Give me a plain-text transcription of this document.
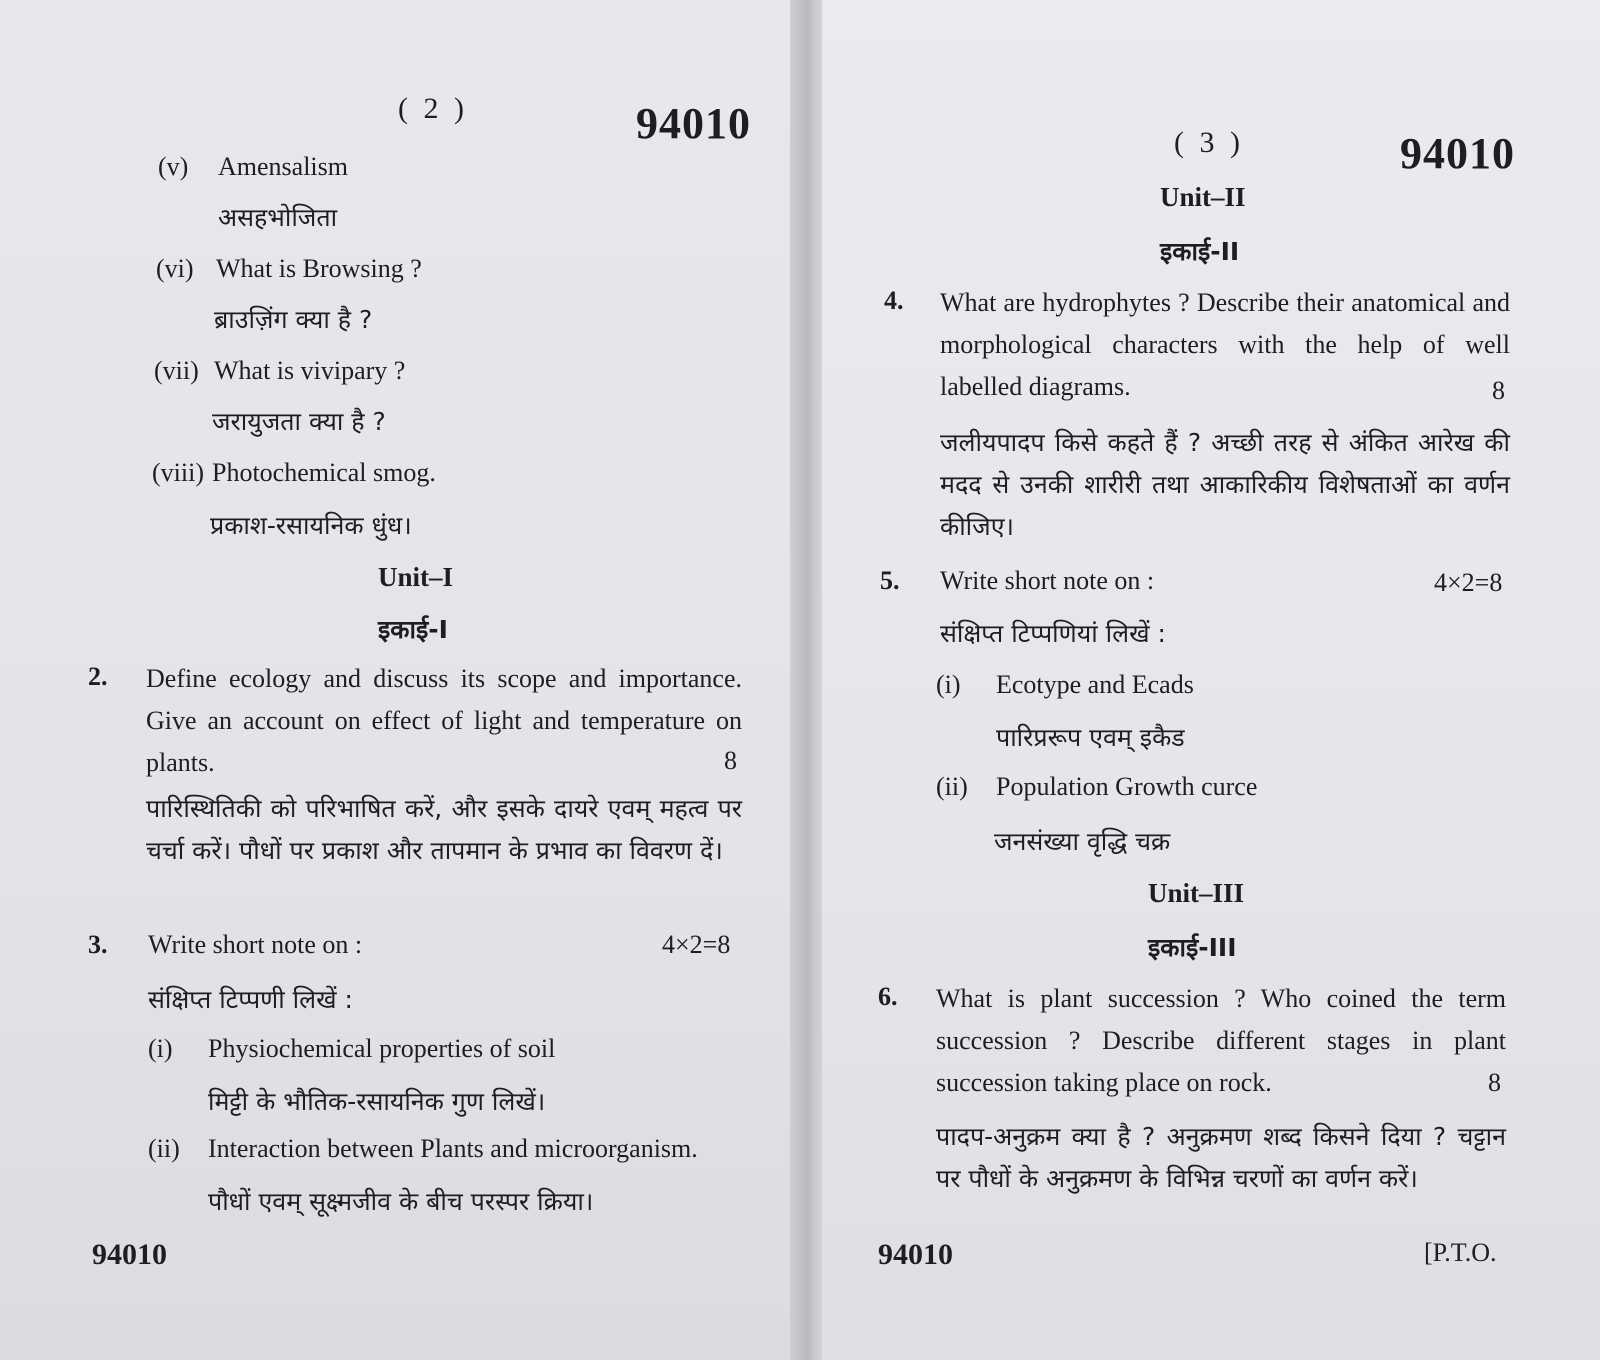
( 2 )	94010
(v) Amensalism
असहभोजिता
(vi) What is Browsing ?
ब्राउज़िंग क्या है ?
(vii) What is vivipary ?
जरायुजता क्या है ?
(viii) Photochemical smog.
प्रकाश-रसायनिक धुंध।
Unit–I
इकाई-I
2. Define ecology and discuss its scope and importance. Give an account on effect of light and temperature on plants.	8
पारिस्थितिकी को परिभाषित करें, और इसके दायरे एवम् महत्व पर चर्चा करें। पौधों पर प्रकाश और तापमान के प्रभाव का विवरण दें।
3. Write short note on :	4×2=8
संक्षिप्त टिप्पणी लिखें :
(i) Physiochemical properties of soil
मिट्टी के भौतिक-रसायनिक गुण लिखें।
(ii) Interaction between Plants and microorganism.
पौधों एवम् सूक्ष्मजीव के बीच परस्पर क्रिया।
94010
( 3 )	94010
Unit–II
इकाई-II
4. What are hydrophytes ? Describe their anatomical and morphological characters with the help of well labelled diagrams.	8
जलीयपादप किसे कहते हैं ? अच्छी तरह से अंकित आरेख की मदद से उनकी शारीरी तथा आकारिकीय विशेषताओं का वर्णन कीजिए।
5. Write short note on :	4×2=8
संक्षिप्त टिप्पणियां लिखें :
(i) Ecotype and Ecads
पारिप्ररूप एवम् इकैड
(ii) Population Growth curce
जनसंख्या वृद्धि चक्र
Unit–III
इकाई-III
6. What is plant succession ? Who coined the term succession ? Describe different stages in plant succession taking place on rock.	8
पादप-अनुक्रम क्या है ? अनुक्रमण शब्द किसने दिया ? चट्टान पर पौधों के अनुक्रमण के विभिन्न चरणों का वर्णन करें।
94010	[P.T.O.
